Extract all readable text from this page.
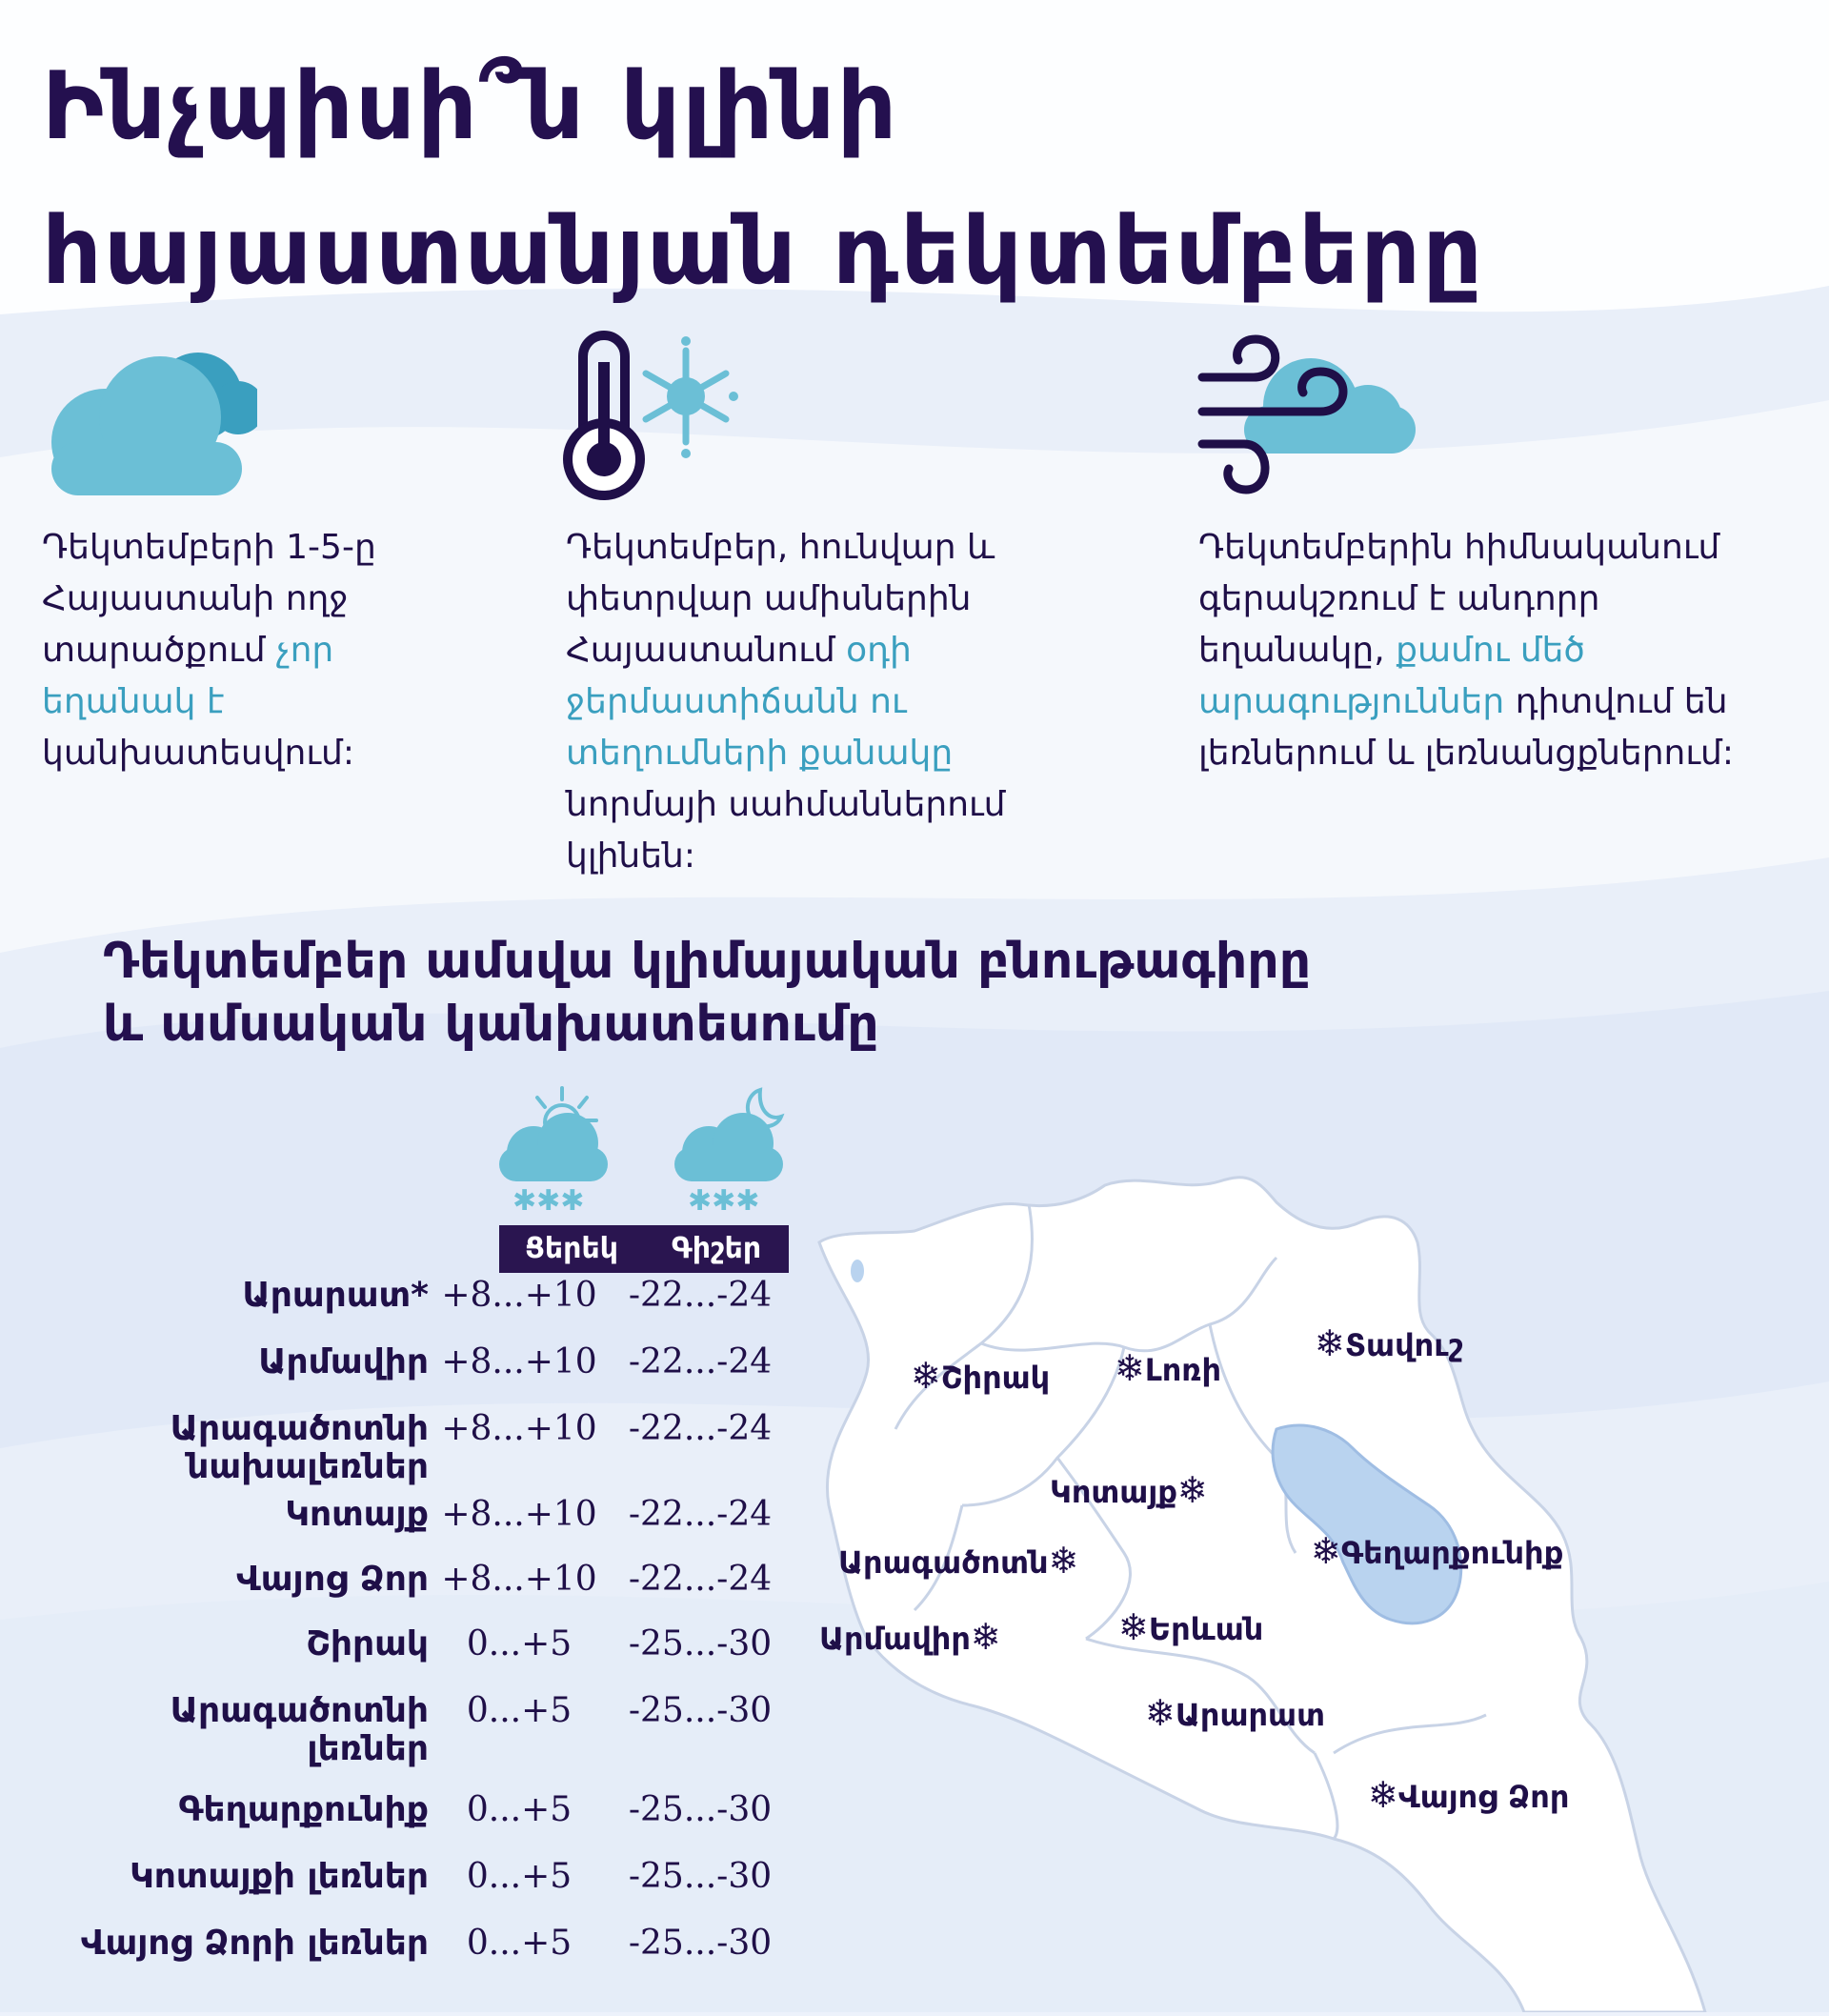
Ինչպիսի՞ն կլինի
հայաստանյան դեկտեմբերը

Դեկտեմբերի 1-5-ը Հայաստանի ողջ տարածքում չոր եղանակ է կանխատեսվում:

Դեկտեմբեր, հունվար և փետրվար ամիսներին Հայաստանում օդի ջերմաստիճանն ու տեղումների քանակը նորմայի սահմաններում կլինեն:

Դեկտեմբերին հիմնականում գերակշռում է անդորր եղանակը, քամու մեծ արագություններ դիտվում են լեռներում և լեռնանցքներում:

Դեկտեմբեր ամսվա կլիմայական բնութագիրը
և ամսական կանխատեսումը
✱✱✱	✱✱✱
Ցերեկ	Գիշեր
Արարատ* +8...+10 -22...-24
Արմավիր +8...+10 -22...-24
Արագածոտնի
նախալեռներ
+8...+10 -22...-24
Կոտայք +8...+10 -22...-24
Վայոց Ձոր +8...+10 -22...-24
Շիրակ	0...+5	-25...-30
Արագածոտնի
լեռներ
0...+5	-25...-30
Գեղարքունիք	0...+5	-25...-30
Կոտայքի լեռներ	0...+5	-25...-30
Վայոց Ձորի լեռներ	0...+5	-25...-30
❄Շիրակ ❄Լոռի
❄Տավուշ
Կոտայք❄
Արագածոտն❄	❄Գեղարքունիք
❄Երևան
Արմավիր❄
❄Արարատ
❄Վայոց Ձոր
